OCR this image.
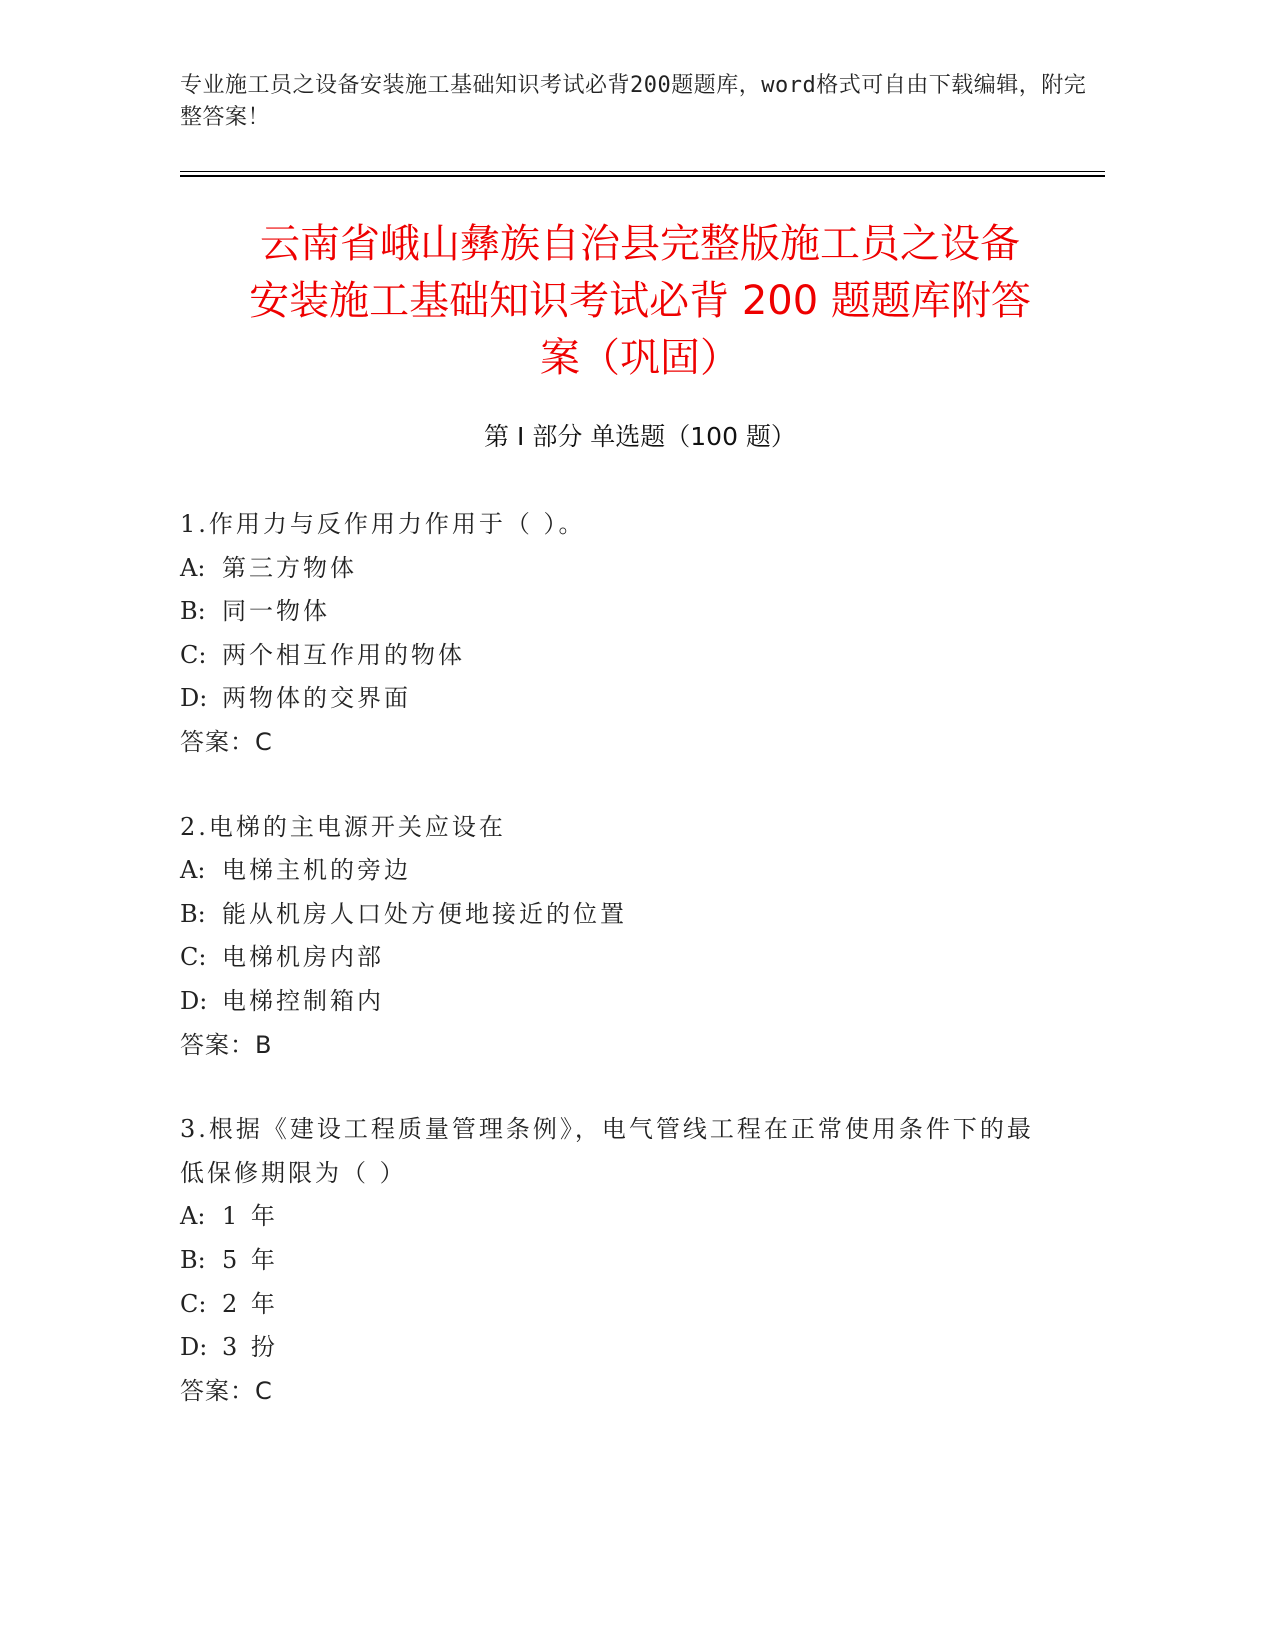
专业施工员之设备安装施工基础知识考试必背200题题库，word格式可自由下载编辑，附完整答案！
云南省峨山彝族自治县完整版施工员之设备
安装施工基础知识考试必背 200 题题库附答
案（巩固）
第 I 部分 单选题（100 题）
1.作用力与反作用力作用于（ ）。
A: 第三方物体
B: 同一物体
C: 两个相互作用的物体
D: 两物体的交界面
答案：C
2.电梯的主电源开关应设在
A: 电梯主机的旁边
B: 能从机房人口处方便地接近的位置
C: 电梯机房内部
D: 电梯控制箱内
答案：B
3.根据《建设工程质量管理条例》，电气管线工程在正常使用条件下的最低保修期限为（ ）
A: 1 年
B: 5 年
C: 2 年
D: 3 扮
答案：C
